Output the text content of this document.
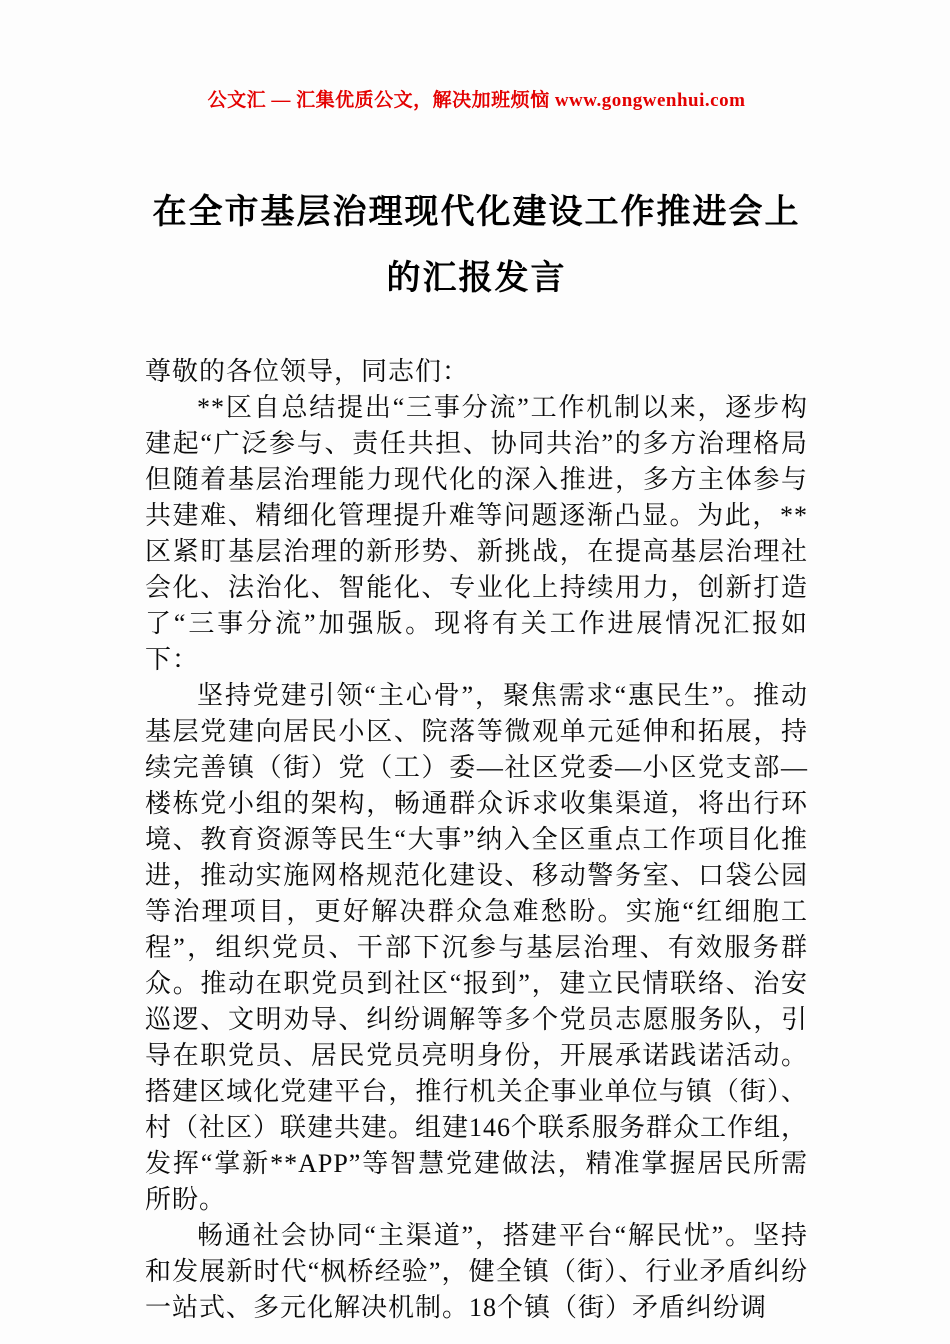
公文汇 — 汇集优质公文，解决加班烦恼 www.gongwenhui.com
在全市基层治理现代化建设工作推进会上的汇报发言

尊敬的各位领导，同志们：

**区自总结提出“三事分流”工作机制以来，逐步构建起“广泛参与、责任共担、协同共治”的多方治理格局但随着基层治理能力现代化的深入推进，多方主体参与共建难、精细化管理提升难等问题逐渐凸显。为此，**区紧盯基层治理的新形势、新挑战，在提高基层治理社会化、法治化、智能化、专业化上持续用力，创新打造了“三事分流”加强版。现将有关工作进展情况汇报如下：

坚持党建引领“主心骨”，聚焦需求“惠民生”。推动基层党建向居民小区、院落等微观单元延伸和拓展，持续完善镇（街）党（工）委—社区党委—小区党支部—楼栋党小组的架构，畅通群众诉求收集渠道，将出行环境、教育资源等民生“大事”纳入全区重点工作项目化推进，推动实施网格规范化建设、移动警务室、口袋公园等治理项目，更好解决群众急难愁盼。实施“红细胞工程”，组织党员、干部下沉参与基层治理、有效服务群众。推动在职党员到社区“报到”，建立民情联络、治安巡逻、文明劝导、纠纷调解等多个党员志愿服务队，引导在职党员、居民党员亮明身份，开展承诺践诺活动。搭建区域化党建平台，推行机关企事业单位与镇（街）、村（社区）联建共建。组建146个联系服务群众工作组，发挥“掌新**APP”等智慧党建做法，精准掌握居民所需所盼。

畅通社会协同“主渠道”，搭建平台“解民忧”。坚持和发展新时代“枫桥经验”，健全镇（街）、行业矛盾纠纷一站式、多元化解决机制。18个镇（街）矛盾纠纷调
